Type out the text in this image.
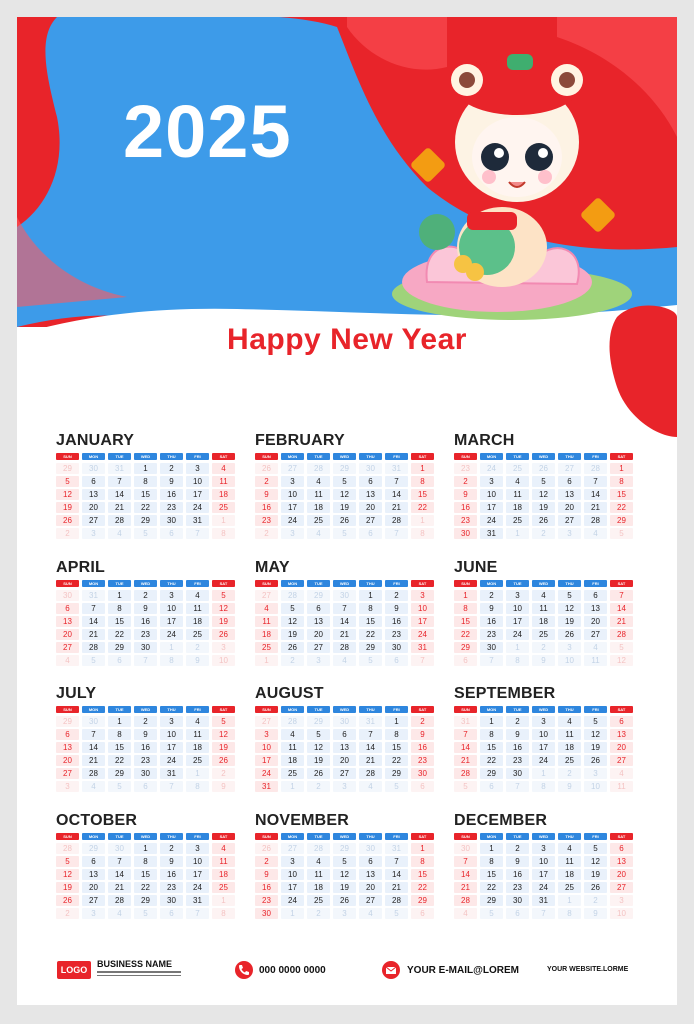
2025
Happy New Year
JANUARY
SUN	MON	TUE	WED	THU	FRI	SAT
29	30	31	1	2	3	4
5	6	7	8	9	10	11
12	13	14	15	16	17	18
19	20	21	22	23	24	25
26	27	28	29	30	31	1
2	3	4	5	6	7	8
FEBRUARY
SUN	MON	TUE	WED	THU	FRI	SAT
26	27	28	29	30	31	1
2	3	4	5	6	7	8
9	10	11	12	13	14	15
16	17	18	19	20	21	22
23	24	25	26	27	28	1
2	3	4	5	6	7	8
MARCH
SUN	MON	TUE	WED	THU	FRI	SAT
23	24	25	26	27	28	1
2	3	4	5	6	7	8
9	10	11	12	13	14	15
16	17	18	19	20	21	22
23	24	25	26	27	28	29
30	31	1	2	3	4	5
APRIL
SUN	MON	TUE	WED	THU	FRI	SAT
30	31	1	2	3	4	5
6	7	8	9	10	11	12
13	14	15	16	17	18	19
20	21	22	23	24	25	26
27	28	29	30	1	2	3
4	5	6	7	8	9	10
MAY
SUN	MON	TUE	WED	THU	FRI	SAT
27	28	29	30	1	2	3
4	5	6	7	8	9	10
11	12	13	14	15	16	17
18	19	20	21	22	23	24
25	26	27	28	29	30	31
1	2	3	4	5	6	7
JUNE
SUN	MON	TUE	WED	THU	FRI	SAT
1	2	3	4	5	6	7
8	9	10	11	12	13	14
15	16	17	18	19	20	21
22	23	24	25	26	27	28
29	30	1	2	3	4	5
6	7	8	9	10	11	12
JULY
SUN	MON	TUE	WED	THU	FRI	SAT
29	30	1	2	3	4	5
6	7	8	9	10	11	12
13	14	15	16	17	18	19
20	21	22	23	24	25	26
27	28	29	30	31	1	2
3	4	5	6	7	8	9
AUGUST
SUN	MON	TUE	WED	THU	FRI	SAT
27	28	29	30	31	1	2
3	4	5	6	7	8	9
10	11	12	13	14	15	16
17	18	19	20	21	22	23
24	25	26	27	28	29	30
31	1	2	3	4	5	6
SEPTEMBER
SUN	MON	TUE	WED	THU	FRI	SAT
31	1	2	3	4	5	6
7	8	9	10	11	12	13
14	15	16	17	18	19	20
21	22	23	24	25	26	27
28	29	30	1	2	3	4
5	6	7	8	9	10	11
OCTOBER
SUN	MON	TUE	WED	THU	FRI	SAT
28	29	30	1	2	3	4
5	6	7	8	9	10	11
12	13	14	15	16	17	18
19	20	21	22	23	24	25
26	27	28	29	30	31	1
2	3	4	5	6	7	8
NOVEMBER
SUN	MON	TUE	WED	THU	FRI	SAT
26	27	28	29	30	31	1
2	3	4	5	6	7	8
9	10	11	12	13	14	15
16	17	18	19	20	21	22
23	24	25	26	27	28	29
30	1	2	3	4	5	6
DECEMBER
SUN	MON	TUE	WED	THU	FRI	SAT
30	1	2	3	4	5	6
7	8	9	10	11	12	13
14	15	16	17	18	19	20
21	22	23	24	25	26	27
28	29	30	31	1	2	3
4	5	6	7	8	9	10
LOGO
BUSINESS NAME
000 0000 0000	YOUR E-MAIL@LOREM	YOUR WEBSITE.LORME
